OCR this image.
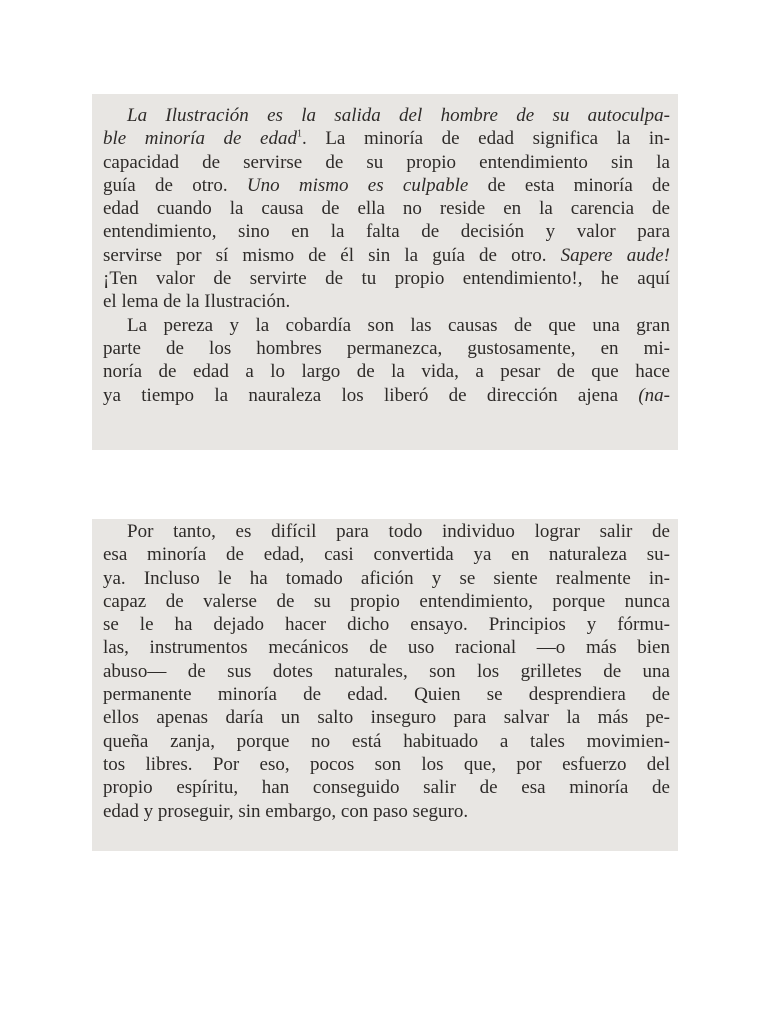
La Ilustración es la salida del hombre de su autoculpa-
ble minoría de edad$^1$. La minoría de edad significa la in-
capacidad de servirse de su propio entendimiento sin la
guía de otro. Uno mismo es culpable de esta minoría de
edad cuando la causa de ella no reside en la carencia de
entendimiento, sino en la falta de decisión y valor para
servirse por sí mismo de él sin la guía de otro. Sapere aude!
¡Ten valor de servirte de tu propio entendimiento!, he aquí
el lema de la Ilustración.
La pereza y la cobardía son las causas de que una gran
parte de los hombres permanezca, gustosamente, en mi-
noría de edad a lo largo de la vida, a pesar de que hace
ya tiempo la nauraleza los liberó de dirección ajena (na-
Por tanto, es difícil para todo individuo lograr salir de
esa minoría de edad, casi convertida ya en naturaleza su-
ya. Incluso le ha tomado afición y se siente realmente in-
capaz de valerse de su propio entendimiento, porque nunca
se le ha dejado hacer dicho ensayo. Principios y fórmu-
las, instrumentos mecánicos de uso racional —o más bien
abuso— de sus dotes naturales, son los grilletes de una
permanente minoría de edad. Quien se desprendiera de
ellos apenas daría un salto inseguro para salvar la más pe-
queña zanja, porque no está habituado a tales movimien-
tos libres. Por eso, pocos son los que, por esfuerzo del
propio espíritu, han conseguido salir de esa minoría de
edad y proseguir, sin embargo, con paso seguro.
